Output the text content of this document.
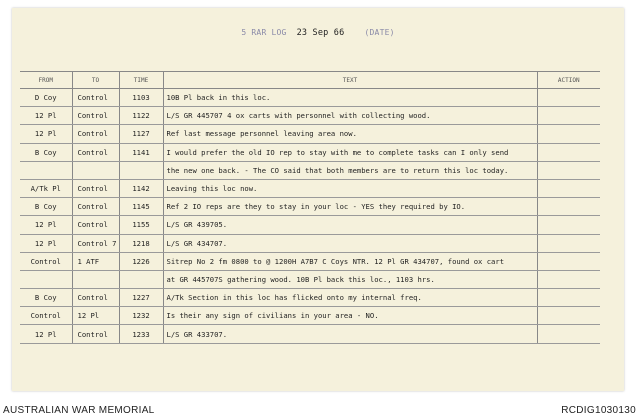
5 RAR LOG 23 Sep 66	(DATE)
FROM	TO	TIME	TEXT	ACTION
D Coy	Control	1103	10B Pl back in this loc.	
12 Pl	Control	1122	L/S GR 445707 4 ox carts with personnel with collecting wood.	
12 Pl	Control	1127	Ref last message personnel leaving area now.	
B Coy	Control	1141	I would prefer the old IO rep to stay with me to complete tasks can I only send	
			the new one back. - The CO said that both members are to return this loc today.	
A/Tk Pl	Control	1142	Leaving this loc now.	
B Coy	Control	1145	Ref 2 IO reps are they to stay in your loc - YES they required by IO.	
12 Pl	Control	1155	L/S GR 439705.	
12 Pl	Control 7	1218	L/S GR 434707.	
Control	1 ATF	1226	Sitrep No 2 fm 0800 to @ 1200H A7B7 C Coys NTR. 12 Pl GR 434707, found ox cart	
			at GR 445707S gathering wood. 10B Pl back this loc., 1103 hrs.	
B Coy	Control	1227	A/Tk Section in this loc has flicked onto my internal freq.	
Control	12 Pl	1232	Is their any sign of civilians in your area - NO.	
12 Pl	Control	1233	L/S GR 433707.	
AUSTRALIAN WAR MEMORIAL	RCDIG1030130
